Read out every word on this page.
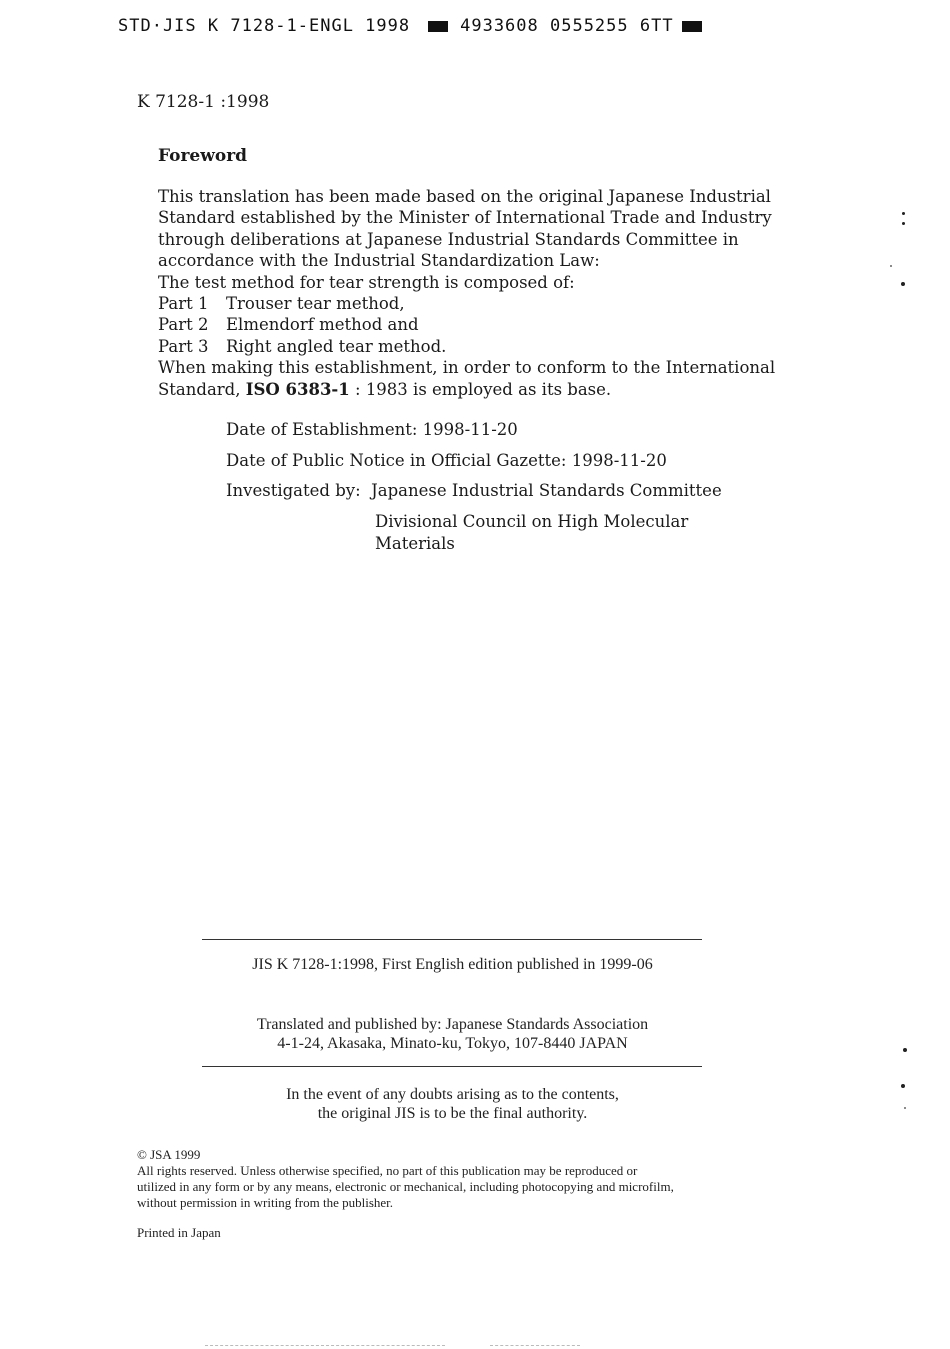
STD·JIS K 7128-1-ENGL 1998	4933608 0555255 6TT
K 7128-1 :1998
Foreword
This translation has been made based on the original Japanese Industrial
Standard established by the Minister of International Trade and Industry
through deliberations at Japanese Industrial Standards Committee in
accordance with the Industrial Standardization Law:
The test method for tear strength is composed of:
Part 1 Trouser tear method,
Part 2 Elmendorf method and
Part 3 Right angled tear method.
When making this establishment, in order to conform to the International
Standard, ISO 6383-1 : 1983 is employed as its base.
Date of Establishment: 1998-11-20
Date of Public Notice in Official Gazette: 1998-11-20
Investigated by: Japanese Industrial Standards Committee
Divisional Council on High Molecular
Materials
JIS K 7128-1:1998, First English edition published in 1999-06
Translated and published by: Japanese Standards Association
4-1-24, Akasaka, Minato-ku, Tokyo, 107-8440 JAPAN
In the event of any doubts arising as to the contents,
the original JIS is to be the final authority.
© JSA 1999
All rights reserved. Unless otherwise specified, no part of this publication may be reproduced or
utilized in any form or by any means, electronic or mechanical, including photocopying and microfilm,
without permission in writing from the publisher.
Printed in Japan
